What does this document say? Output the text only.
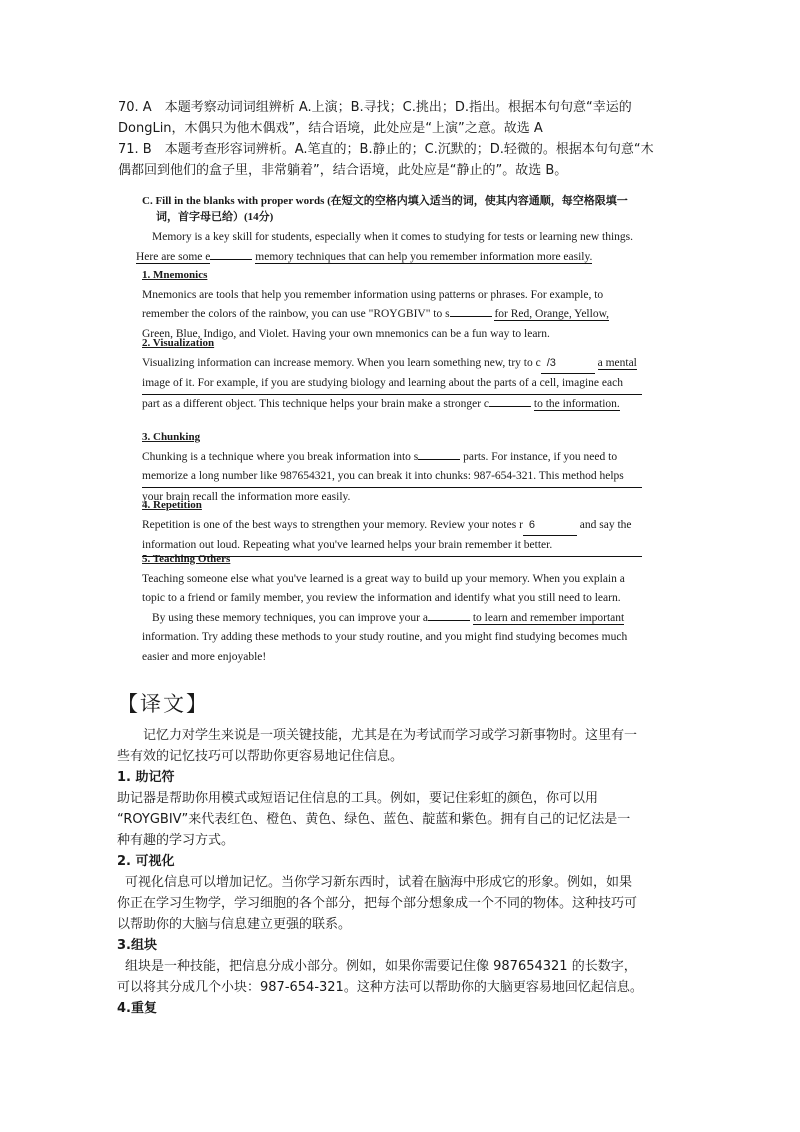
70. A　本题考察动词词组辨析 A.上演；B.寻找；C.挑出；D.指出。根据本句句意“幸运的

DongLin，木偶只为他木偶戏”，结合语境，此处应是“上演”之意。故选 A

71. B　本题考查形容词辨析。A.笔直的；B.静止的；C.沉默的；D.轻微的。根据本句句意“木

偶都回到他们的盒子里，非常躺着”，结合语境，此处应是“静止的”。故选 B。

C. Fill in the blanks with proper words (在短文的空格内填入适当的词，使其内容通顺，每空格限填一
词，首字母已给）(14分)

Memory is a key skill for students, especially when it comes to studying for tests or learning new things.

Here are some e	memory techniques that can help you remember information more easily.

1. Mnemonics

Mnemonics are tools that help you remember information using patterns or phrases. For example, to

remember the colors of the rainbow, you can use "ROYGBIV" to s	for Red, Orange, Yellow,

Green, Blue, Indigo, and Violet. Having your own mnemonics can be a fun way to learn.

2. Visualization

Visualizing information can increase memory. When you learn something new, try to c /3	a mental

image of it. For example, if you are studying biology and learning about the parts of a cell, imagine each

part as a different object. This technique helps your brain make a stronger c	to the information.

3. Chunking

Chunking is a technique where you break information into s	parts. For instance, if you need to

memorize a long number like 987654321, you can break it into chunks: 987-654-321. This method helps

your brain recall the information more easily.

4. Repetition

Repetition is one of the best ways to strengthen your memory. Review your notes r 6	and say the

information out loud. Repeating what you've learned helps your brain remember it better.

5. Teaching Others

Teaching someone else what you've learned is a great way to build up your memory. When you explain a

topic to a friend or family member, you review the information and identify what you still need to learn.

By using these memory techniques, you can improve your a	to learn and remember important

information. Try adding these methods to your study routine, and you might find studying becomes much

easier and more enjoyable!

【译文】

记忆力对学生来说是一项关键技能，尤其是在为考试而学习或学习新事物时。这里有一

些有效的记忆技巧可以帮助你更容易地记住信息。

1. 助记符

助记器是帮助你用模式或短语记住信息的工具。例如，要记住彩虹的颜色，你可以用

“ROYGBIV”来代表红色、橙色、黄色、绿色、蓝色、靛蓝和紫色。拥有自己的记忆法是一

种有趣的学习方式。

2. 可视化

可视化信息可以增加记忆。当你学习新东西时，试着在脑海中形成它的形象。例如，如果

你正在学习生物学，学习细胞的各个部分，把每个部分想象成一个不同的物体。这种技巧可

以帮助你的大脑与信息建立更强的联系。

3.组块

组块是一种技能，把信息分成小部分。例如，如果你需要记住像 987654321 的长数字，

可以将其分成几个小块：987-654-321。这种方法可以帮助你的大脑更容易地回忆起信息。

4.重复
